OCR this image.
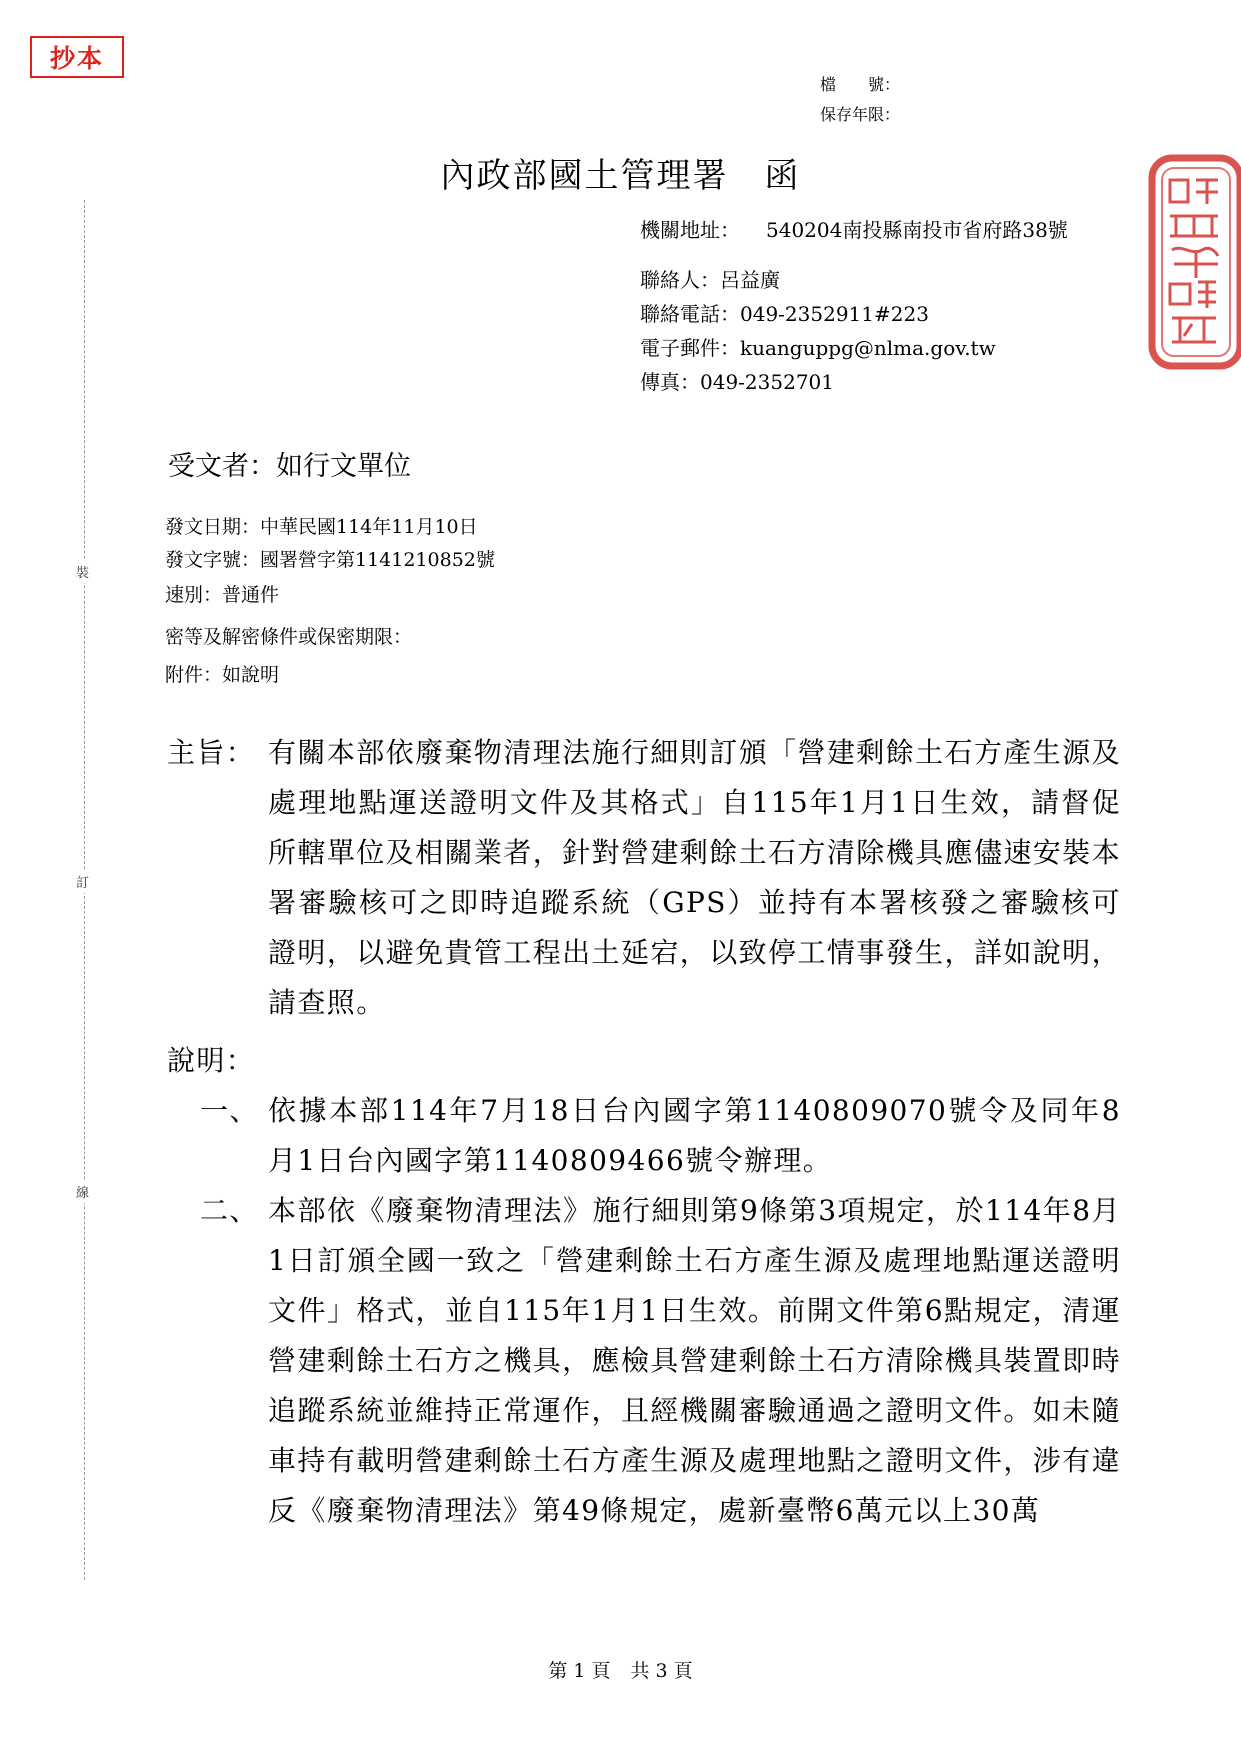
抄本
檔　　號：
保存年限：
內政部國土管理署　函
機關地址： 540204南投縣南投市省府路38號
聯絡人：呂益廣
聯絡電話：049-2352911#223
電子郵件：kuanguppg@nlma.gov.tw
傳真：049-2352701
裝
訂
線
受文者：如行文單位
發文日期：中華民國114年11月10日
發文字號：國署營字第1141210852號
速別：普通件
密等及解密條件或保密期限：
附件：如說明
主旨： 有關本部依廢棄物清理法施行細則訂頒「營建剩餘土石方產生源及處理地點運送證明文件及其格式」自115年1月1日生效，請督促所轄單位及相關業者，針對營建剩餘土石方清除機具應儘速安裝本署審驗核可之即時追蹤系統（GPS）並持有本署核發之審驗核可證明，以避免貴管工程出土延宕，以致停工情事發生，詳如說明，請查照。
說明：
一、 依據本部114年7月18日台內國字第1140809070號令及同年8月1日台內國字第1140809466號令辦理。
二、 本部依《廢棄物清理法》施行細則第9條第3項規定，於114年8月1日訂頒全國一致之「營建剩餘土石方產生源及處理地點運送證明文件」格式，並自115年1月1日生效。前開文件第6點規定，清運營建剩餘土石方之機具，應檢具營建剩餘土石方清除機具裝置即時追蹤系統並維持正常運作，且經機關審驗通過之證明文件。如未隨車持有載明營建剩餘土石方產生源及處理地點之證明文件，涉有違反《廢棄物清理法》第49條規定，處新臺幣6萬元以上30萬
第 1 頁 共 3 頁
